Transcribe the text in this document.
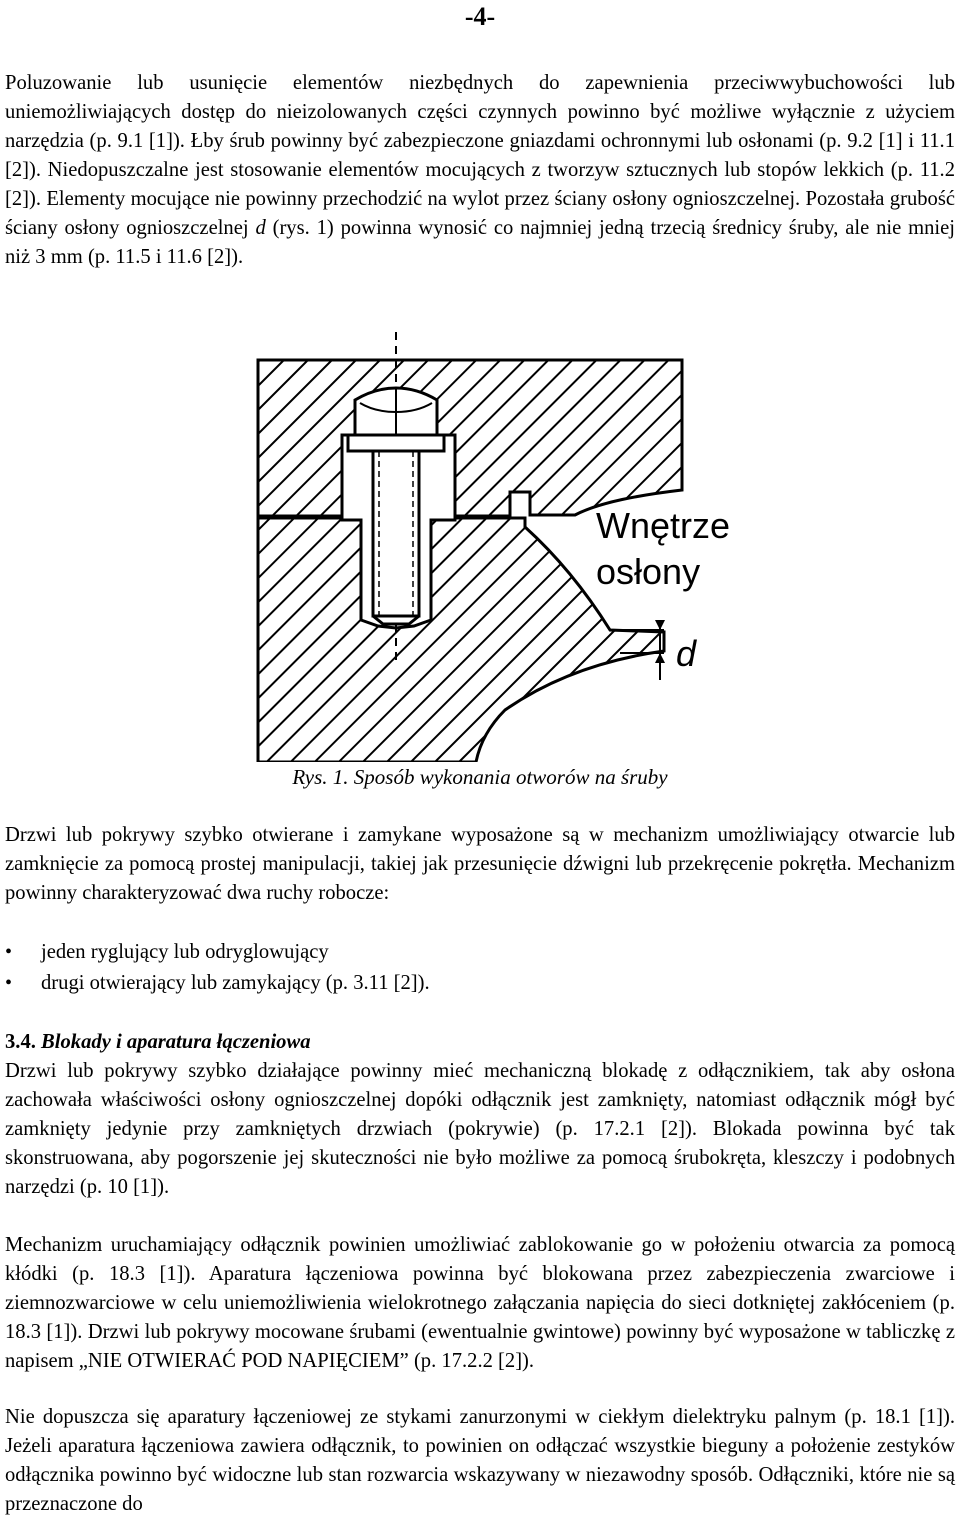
-4-
Poluzowanie lub usunięcie elementów niezbędnych do zapewnienia przeciwwybuchowości lub uniemożliwiających dostęp do nieizolowanych części czynnych powinno być możliwe wyłącznie z użyciem narzędzia (p. 9.1 [1]). Łby śrub powinny być zabezpieczone gniazdami ochronnymi lub osłonami (p. 9.2 [1] i 11.1 [2]). Niedopuszczalne jest stosowanie elementów mocujących z tworzyw sztucznych lub stopów lekkich (p. 11.2 [2]). Elementy mocujące nie powinny przechodzić na wylot przez ściany osłony ognioszczelnej. Pozostała grubość ściany osłony ognioszczelnej d (rys. 1) powinna wynosić co najmniej jedną trzecią średnicy śruby, ale nie mniej niż 3 mm (p. 11.5 i 11.6 [2]).
Wnętrze
osłony
d
Rys. 1. Sposób wykonania otworów na śruby
Drzwi lub pokrywy szybko otwierane i zamykane wyposażone są w mechanizm umożliwiający otwarcie lub zamknięcie za pomocą prostej manipulacji, takiej jak przesunięcie dźwigni lub przekręcenie pokrętła. Mechanizm powinny charakteryzować dwa ruchy robocze:
• jeden ryglujący lub odryglowujący
• drugi otwierający lub zamykający (p. 3.11 [2]).
3.4. Blokady i aparatura łączeniowa
Drzwi lub pokrywy szybko działające powinny mieć mechaniczną blokadę z odłącznikiem, tak aby osłona zachowała właściwości osłony ognioszczelnej dopóki odłącznik jest zamknięty, natomiast odłącznik mógł być zamknięty jedynie przy zamkniętych drzwiach (pokrywie) (p. 17.2.1 [2]). Blokada powinna być tak skonstruowana, aby pogorszenie jej skuteczności nie było możliwe za pomocą śrubokręta, kleszczy i podobnych narzędzi (p. 10 [1]).
Mechanizm uruchamiający odłącznik powinien umożliwiać zablokowanie go w położeniu otwarcia za pomocą kłódki (p. 18.3 [1]). Aparatura łączeniowa powinna być blokowana przez zabezpieczenia zwarciowe i ziemnozwarciowe w celu uniemożliwienia wielokrotnego załączania napięcia do sieci dotkniętej zakłóceniem (p. 18.3 [1]). Drzwi lub pokrywy mocowane śrubami (ewentualnie gwintowe) powinny być wyposażone w tabliczkę z napisem „NIE OTWIERAĆ POD NAPIĘCIEM” (p. 17.2.2 [2]).
Nie dopuszcza się aparatury łączeniowej ze stykami zanurzonymi w ciekłym dielektryku palnym (p. 18.1 [1]). Jeżeli aparatura łączeniowa zawiera odłącznik, to powinien on odłączać wszystkie bieguny a położenie zestyków odłącznika powinno być widoczne lub stan rozwarcia wskazywany w niezawodny sposób. Odłączniki, które nie są przeznaczone do
